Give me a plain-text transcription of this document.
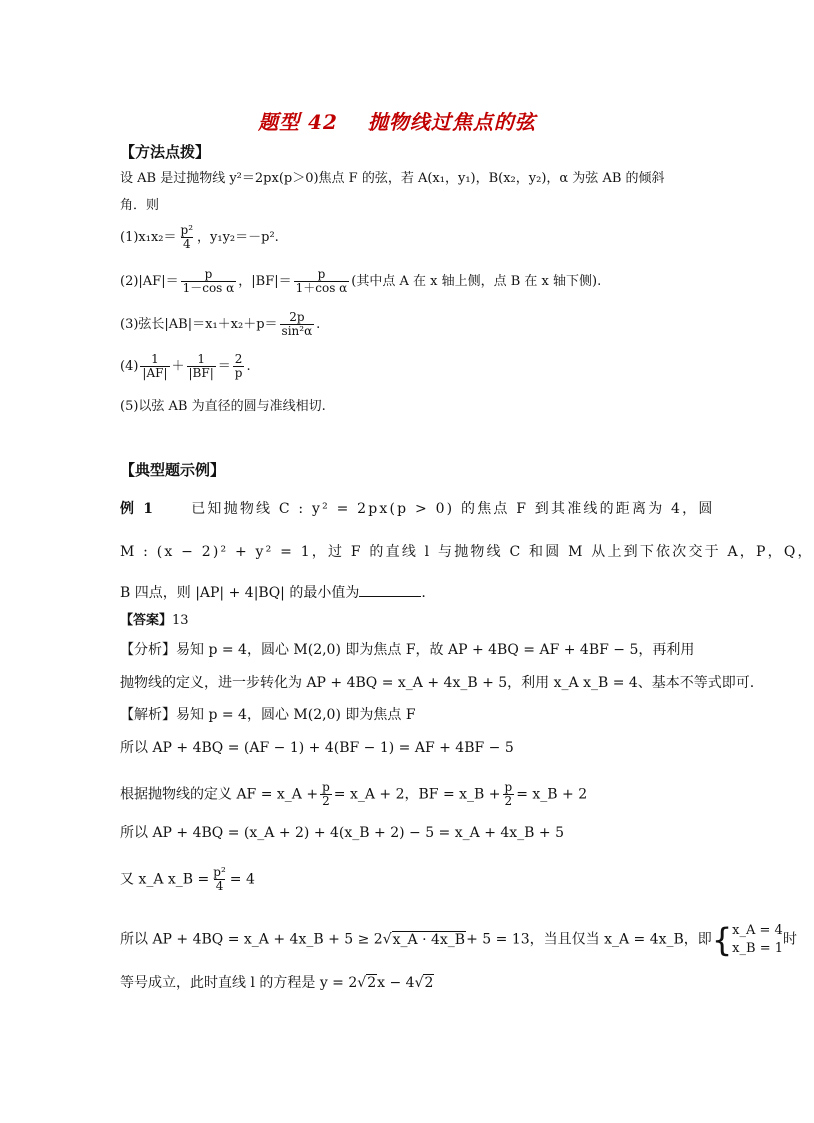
题型 42 抛物线过焦点的弦
【方法点拨】
设 AB 是过抛物线 y²＝2px(p＞0)焦点 F 的弦，若 A(x₁，y₁)，B(x₂，y₂)，α 为弦 AB 的倾斜
角．则
$(1)x_1x_2= \frac{\text{p²}}{4}$ ，y₁y₂＝－p².
$(2)|AF|= \frac{p}{\text{1－cos α}}$ ，$|BF|= \frac{p}{\text{1＋cos α}}$ (其中点 A 在 x 轴上侧，点 B 在 x 轴下侧).
(3)弦长$|AB|=x_1+x_2+p= \frac{2p}{\text{sin²α}}$ .
$(4) \frac{1}{|AF|} + \frac{1}{|BF|} = \frac{2}{p}$ .
(5)以弦 AB 为直径的圆与准线相切.
【典型题示例】
例 1	已知抛物线 C : y² = 2px(p > 0) 的焦点 F 到其准线的距离为 4，圆
M : (x − 2)² + y² = 1，过 F 的直线 l 与抛物线 C 和圆 M 从上到下依次交于 A，P，Q，
B 四点，则 |AP| + 4|BQ| 的最小值为	.
【答案】13
【分析】易知 p = 4，圆心 M(2,0) 即为焦点 F，故 AP + 4BQ = AF + 4BF − 5，再利用
抛物线的定义，进一步转化为 AP + 4BQ = x_A + 4x_B + 5，利用 x_A x_B = 4、基本不等式即可.
【解析】易知 p = 4，圆心 M(2,0) 即为焦点 F
所以 AP + 4BQ = (AF − 1) + 4(BF − 1) = AF + 4BF − 5
根据抛物线的定义 AF = x_A + $\frac{p}{2}$ = x_A + 2，BF = x_B + $\frac{p}{2}$ = x_B + 2
所以 AP + 4BQ = (x_A + 2) + 4(x_B + 2) − 5 = x_A + 4x_B + 5
又 x_A x_B = $\frac{\text{p²}}{4} = 4$
所以 AP + 4BQ = x_A + 4x_B + 5 ≥ 2√x_A · 4x_B+ 5 = 13，当且仅当 x_A = 4x_B，即 { x_A = 4
x_B = 1
时
等号成立，此时直线 l 的方程是 y = 2√2x − 4√2
